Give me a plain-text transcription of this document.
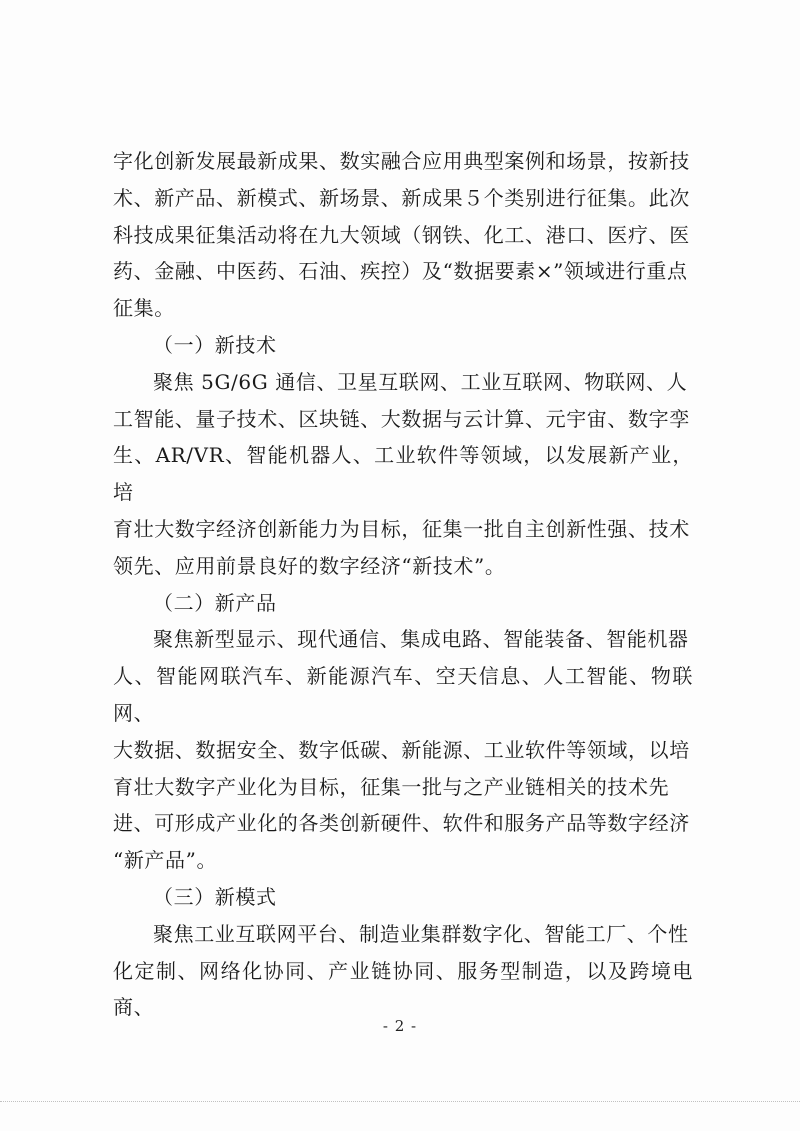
字化创新发展最新成果、数实融合应用典型案例和场景，按新技
术、新产品、新模式、新场景、新成果５个类别进行征集。此次
科技成果征集活动将在九大领域（钢铁、化工、港口、医疗、医
药、金融、中医药、石油、疾控）及“数据要素×”领域进行重点
征集。

（一）新技术

聚焦 5G/6G 通信、卫星互联网、工业互联网、物联网、人
工智能、量子技术、区块链、大数据与云计算、元宇宙、数字孪
生、AR/VR、智能机器人、工业软件等领域，以发展新产业，培
育壮大数字经济创新能力为目标，征集一批自主创新性强、技术
领先、应用前景良好的数字经济“新技术”。

（二）新产品

聚焦新型显示、现代通信、集成电路、智能装备、智能机器
人、智能网联汽车、新能源汽车、空天信息、人工智能、物联网、
大数据、数据安全、数字低碳、新能源、工业软件等领域，以培
育壮大数字产业化为目标，征集一批与之产业链相关的技术先
进、可形成产业化的各类创新硬件、软件和服务产品等数字经济
“新产品”。

（三）新模式

聚焦工业互联网平台、制造业集群数字化、智能工厂、个性
化定制、网络化协同、产业链协同、服务型制造，以及跨境电商、

- 2 -
